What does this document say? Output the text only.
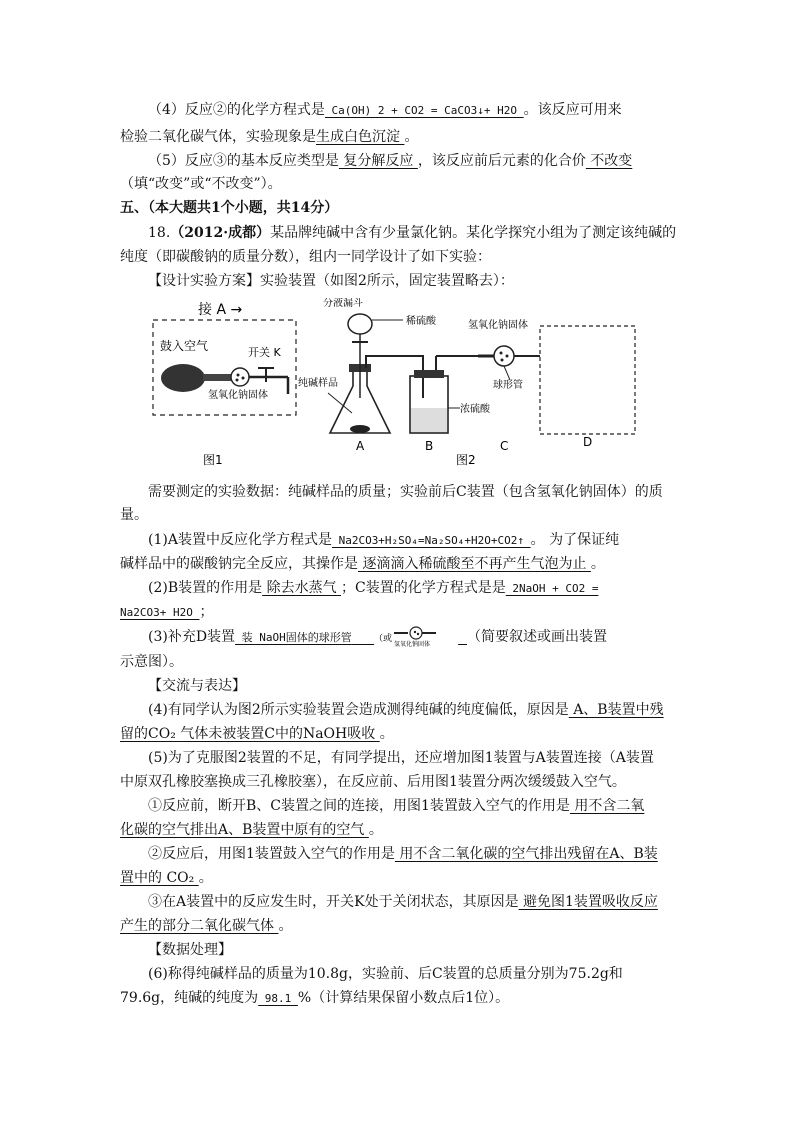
（4）反应②的化学方程式是 Ca(OH) 2 + CO2 = CaCO3↓+ H2O 。该反应可用来
检验二氧化碳气体，实验现象是生成白色沉淀 。
（5）反应③的基本反应类型是 复分解反应 ，该反应前后元素的化合价 不改变
（填“改变”或“不改变”）。
五、（本大题共1个小题，共14分）
18.（2012·成都）某品牌纯碱中含有少量氯化钠。某化学探究小组为了测定该纯碱的
纯度（即碳酸钠的质量分数），组内一同学设计了如下实验：
【设计实验方案】实验装置（如图2所示，固定装置略去）：
接 A →
鼓入空气	开关 K
氢氧化钠固体
分液漏斗
稀硫酸
纯碱样品
浓硫酸
氢氧化钠固体
球形管
A	B	C	D
图1	图2
需要测定的实验数据：纯碱样品的质量；实验前后C装置（包含氢氧化钠固体）的质
量。
(1)A装置中反应化学方程式是 Na2CO3+H₂SO₄=Na₂SO₄+H2O+CO2↑ 。 为了保证纯
碱样品中的碳酸钠完全反应，其操作是 逐滴滴入稀硫酸至不再产生气泡为止 。
(2)B装置的作用是 除去水蒸气 ；C装置的化学方程式是是 2NaOH + CO2 =
Na2CO3+ H2O ；
(3)补充D装置 装 NaOH固体的球形管 （或
氢氧化钠固体	（简要叙述或画出装置
示意图）。
【交流与表达】
(4)有同学认为图2所示实验装置会造成测得纯碱的纯度偏低，原因是 A、B装置中残
留的CO₂ 气体未被装置C中的NaOH吸收 。
(5)为了克服图2装置的不足，有同学提出，还应增加图1装置与A装置连接（A装置
中原双孔橡胶塞换成三孔橡胶塞），在反应前、后用图1装置分两次缓缓鼓入空气。
①反应前，断开B、C装置之间的连接，用图1装置鼓入空气的作用是 用不含二氧
化碳的空气排出A、B装置中原有的空气 。
②反应后，用图1装置鼓入空气的作用是 用不含二氧化碳的空气排出残留在A、B装
置中的 CO₂ 。
③在A装置中的反应发生时，开关K处于关闭状态，其原因是 避免图1装置吸收反应
产生的部分二氧化碳气体 。
【数据处理】
(6)称得纯碱样品的质量为10.8g，实验前、后C装置的总质量分别为75.2g和
79.6g，纯碱的纯度为 98.1 %（计算结果保留小数点后1位）。
